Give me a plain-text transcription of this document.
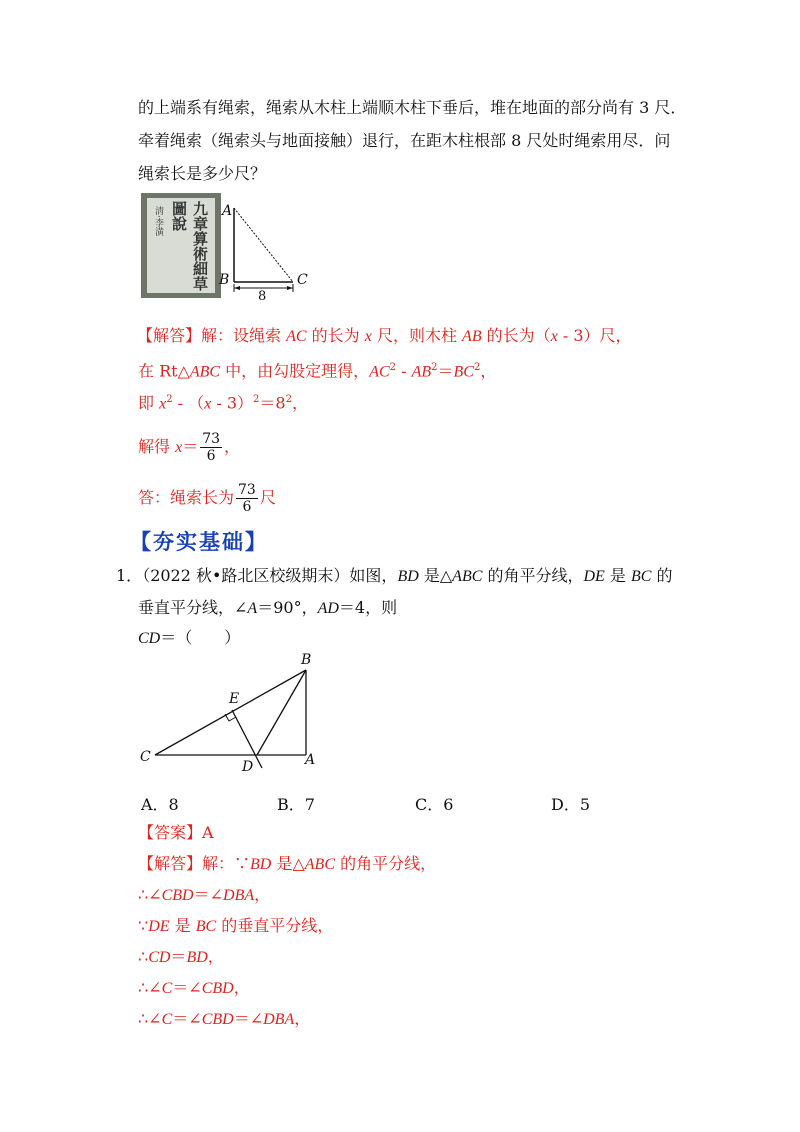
的上端系有绳索，绳索从木柱上端顺木柱下垂后，堆在地面的部分尚有 3 尺．
牵着绳索（绳索头与地面接触）退行，在距木柱根部 8 尺处时绳索用尽．问
绳索长是多少尺？
九章算術細草圖說
淸·李潢	A
B	C
8
【解答】解：设绳索 AC 的长为 x 尺，则木柱 AB 的长为（x - 3）尺，
在 Rt△ABC 中，由勾股定理得，$AC^2 - AB^2=BC^2$，
即 $x^2 - (x - 3)^2=8^2$，
解得 $x= \frac{73}{6}$ ，
答：绳索长为 $\frac{73}{6}$ 尺
【夯实基础】
1．（2022 秋•路北区校级期末）如图，BD 是△ABC 的角平分线，DE 是 BC 的
垂直平分线，∠A＝90°，AD＝4，则
CD＝（　　）
B
E
C
D	A
A．8	B．7	C．6	D．5
【答案】A
【解答】解：∵BD 是△ABC 的角平分线，
∴∠CBD＝∠DBA，
∵DE 是 BC 的垂直平分线，
∴CD＝BD，
∴∠C＝∠CBD，
∴∠C＝∠CBD＝∠DBA，
